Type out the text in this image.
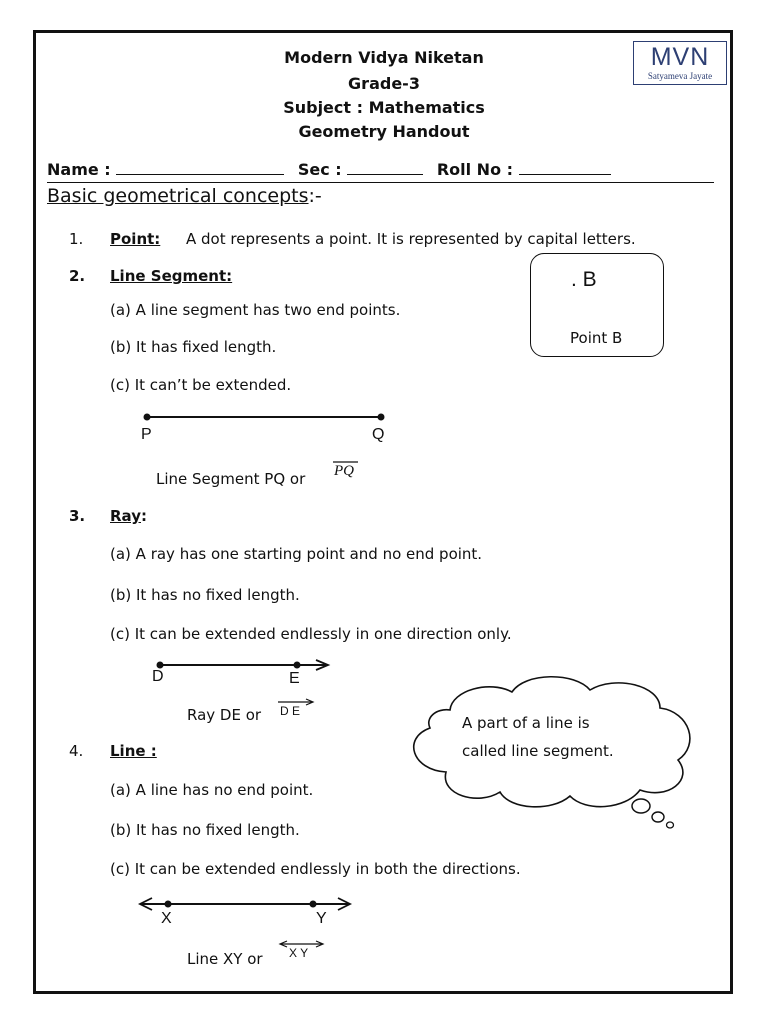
Modern Vidya Niketan
Grade-3
Subject : Mathematics
Geometry Handout
MVN
Satyameva Jayate
Name :	Sec :	Roll No :
Basic geometrical concepts:-
1. Point: A dot represents a point. It is represented by capital letters.
. B
Point B
2. Line Segment:
(a) A line segment has two end points.
(b) It has fixed length.
(c) It can’t be extended.
P	Q
Line Segment PQ or PQ
3. Ray:
(a) A ray has one starting point and no end point.
(b) It has no fixed length.
(c) It can be extended endlessly in one direction only.
D	E
Ray DE or D E
A part of a line is
called line segment.
4. Line :
(a) A line has no end point.
(b) It has no fixed length.
(c) It can be extended endlessly in both the directions.
X	Y
Line XY or X Y
